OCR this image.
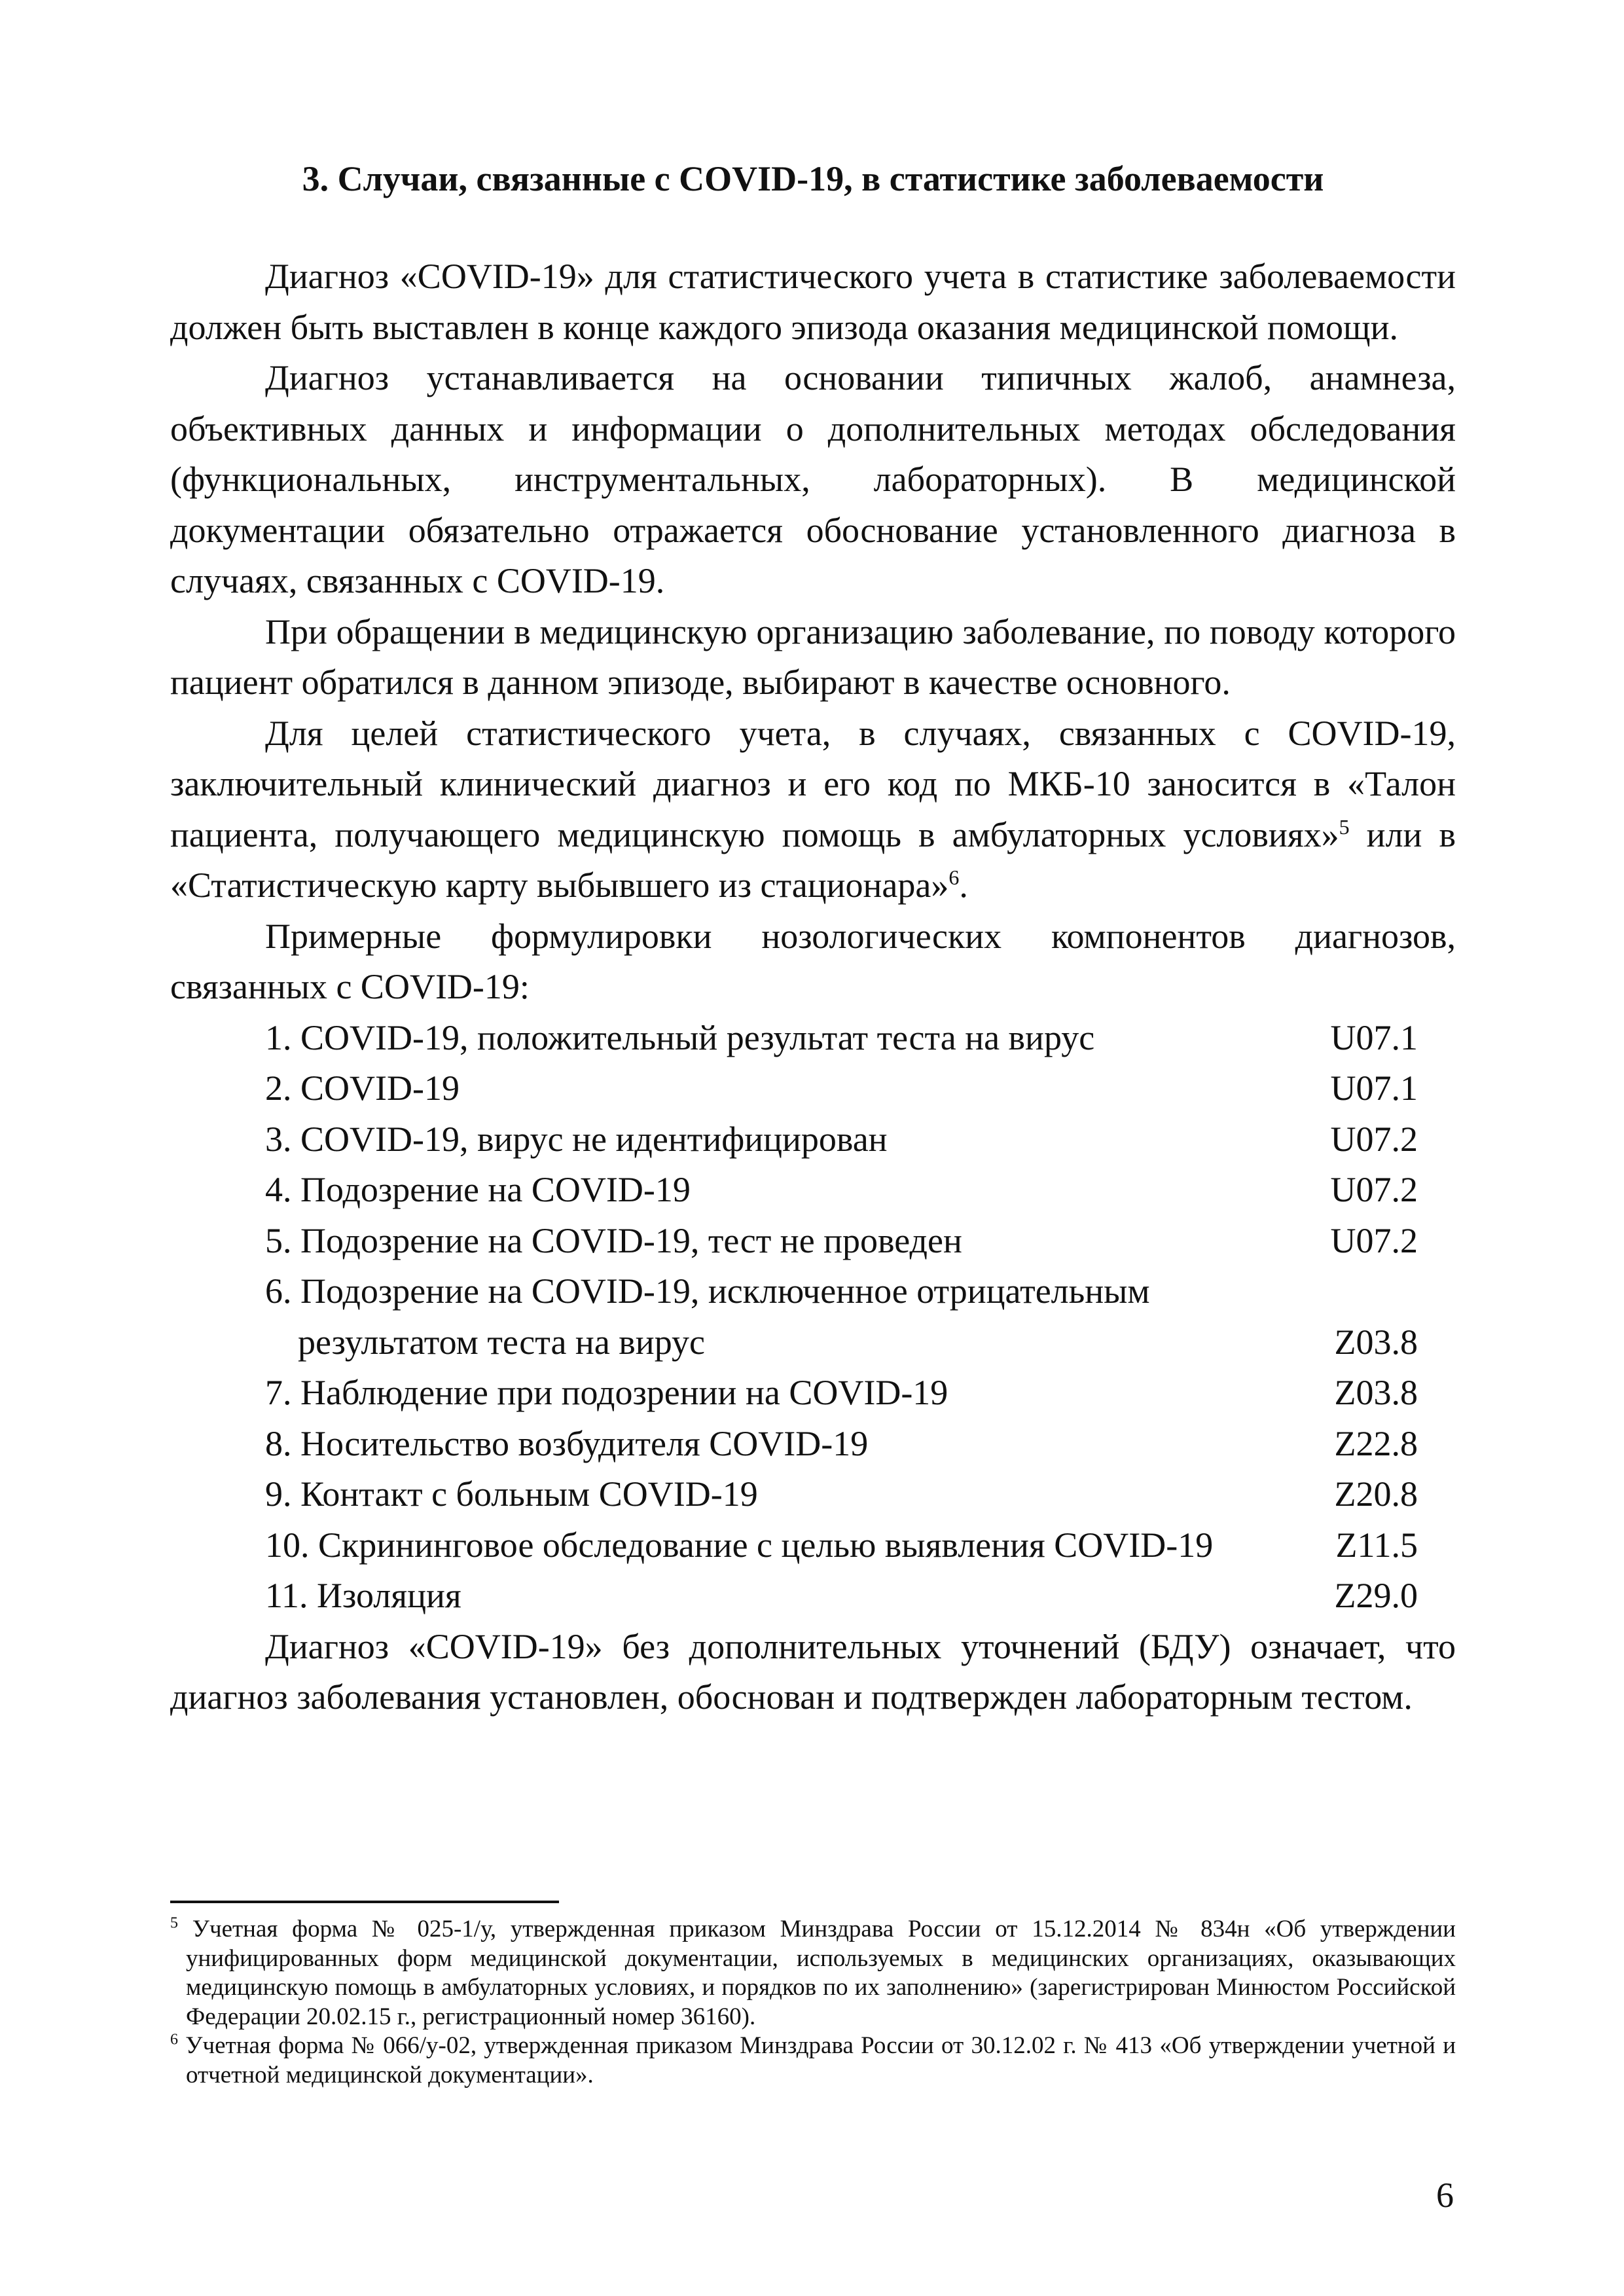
3. Случаи, связанные с COVID-19, в статистике заболеваемости

Диагноз «COVID-19» для статистического учета в статистике заболеваемости должен быть выставлен в конце каждого эпизода оказания медицинской помощи.

Диагноз устанавливается на основании типичных жалоб, анамнеза, объективных данных и информации о дополнительных методах обследования (функциональных, инструментальных, лабораторных). В медицинской документации обязательно отражается обоснование установленного диагноза в случаях, связанных с COVID-19.

При обращении в медицинскую организацию заболевание, по поводу которого пациент обратился в данном эпизоде, выбирают в качестве основного.

Для целей статистического учета, в случаях, связанных с COVID-19, заключительный клинический диагноз и его код по МКБ-10 заносится в «Талон пациента, получающего медицинскую помощь в амбулаторных условиях»$^5$ или в «Статистическую карту выбывшего из стационара»$^6$.

Примерные формулировки нозологических компонентов диагнозов, связанных с COVID-19:

1. COVID-19, положительный результат теста на вирус	U07.1
2. COVID-19	U07.1
3. COVID-19, вирус не идентифицирован	U07.2
4. Подозрение на COVID-19	U07.2
5. Подозрение на COVID-19, тест не проведен	U07.2
6. Подозрение на COVID-19, исключенное отрицательным
результатом теста на вирус	Z03.8
7. Наблюдение при подозрении на COVID-19	Z03.8
8. Носительство возбудителя COVID-19	Z22.8
9. Контакт с больным COVID-19	Z20.8
10. Скрининговое обследование с целью выявления COVID-19	Z11.5
11. Изоляция	Z29.0

Диагноз «COVID-19» без дополнительных уточнений (БДУ) означает, что диагноз заболевания установлен, обоснован и подтвержден лабораторным тестом.

$^5$ Учетная форма № 025-1/у, утвержденная приказом Минздрава России от 15.12.2014 № 834н «Об утверждении унифицированных форм медицинской документации, используемых в медицинских организациях, оказывающих медицинскую помощь в амбулаторных условиях, и порядков по их заполнению» (зарегистрирован Минюстом Российской Федерации 20.02.15 г., регистрационный номер 36160).
$^6$ Учетная форма № 066/у-02, утвержденная приказом Минздрава России от 30.12.02 г. № 413 «Об утверждении учетной и отчетной медицинской документации».
6
